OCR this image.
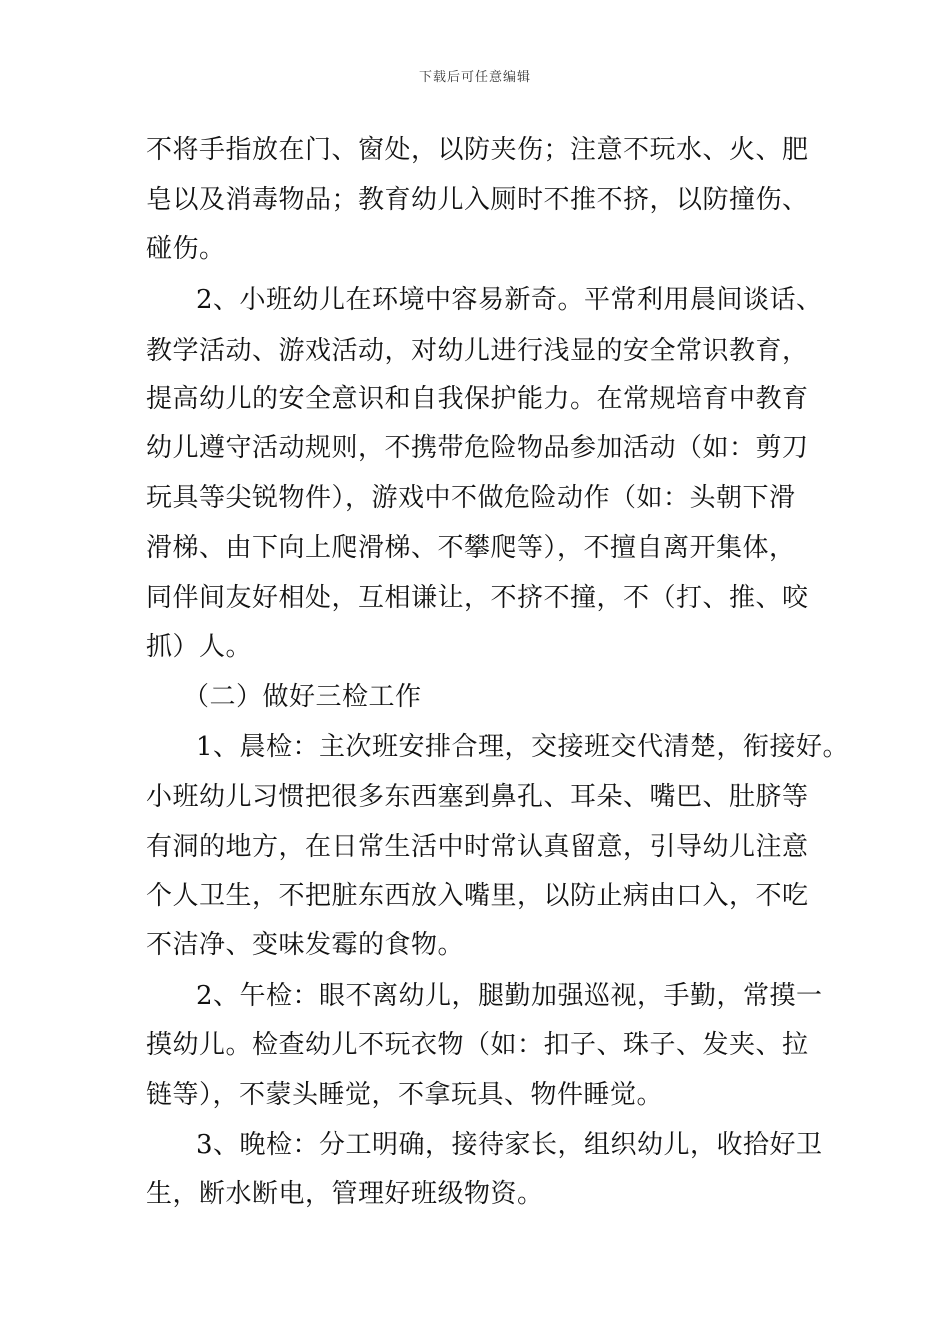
下载后可任意编辑
不将手指放在门、窗处，以防夹伤；注意不玩水、火、肥
皂以及消毒物品；教育幼儿入厕时不推不挤，以防撞伤、
碰伤。
2、小班幼儿在环境中容易新奇。平常利用晨间谈话、
教学活动、游戏活动，对幼儿进行浅显的安全常识教育，
提高幼儿的安全意识和自我保护能力。在常规培育中教育
幼儿遵守活动规则，不携带危险物品参加活动（如：剪刀
玩具等尖锐物件），游戏中不做危险动作（如：头朝下滑
滑梯、由下向上爬滑梯、不攀爬等），不擅自离开集体，
同伴间友好相处，互相谦让，不挤不撞，不（打、推、咬
抓）人。
（二）做好三检工作
1、晨检：主次班安排合理，交接班交代清楚，衔接好。
小班幼儿习惯把很多东西塞到鼻孔、耳朵、嘴巴、肚脐等
有洞的地方，在日常生活中时常认真留意，引导幼儿注意
个人卫生，不把脏东西放入嘴里，以防止病由口入，不吃
不洁净、变味发霉的食物。
2、午检：眼不离幼儿，腿勤加强巡视，手勤，常摸一
摸幼儿。检查幼儿不玩衣物（如：扣子、珠子、发夹、拉
链等），不蒙头睡觉，不拿玩具、物件睡觉。
3、晚检：分工明确，接待家长，组织幼儿，收拾好卫
生，断水断电，管理好班级物资。
